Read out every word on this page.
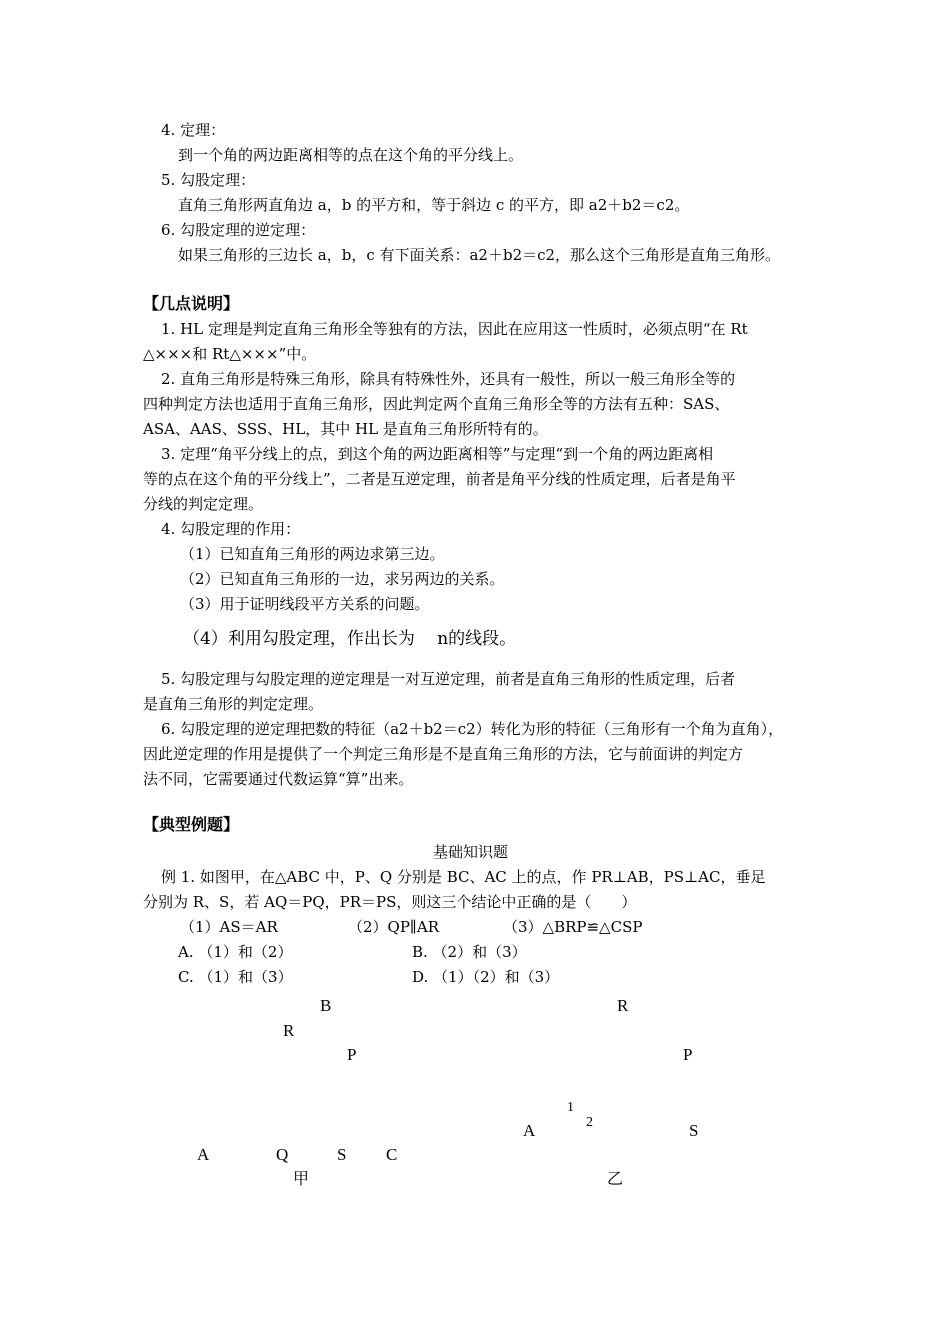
4. 定理：
到一个角的两边距离相等的点在这个角的平分线上。
5. 勾股定理：
直角三角形两直角边 a，b 的平方和，等于斜边 c 的平方，即 a2＋b2＝c2。
6. 勾股定理的逆定理：
如果三角形的三边长 a，b，c 有下面关系：a2＋b2＝c2，那么这个三角形是直角三角形。
【几点说明】
1. HL 定理是判定直角三角形全等独有的方法，因此在应用这一性质时，必须点明“在 Rt
△×××和 Rt△×××”中。
2. 直角三角形是特殊三角形，除具有特殊性外，还具有一般性，所以一般三角形全等的
四种判定方法也适用于直角三角形，因此判定两个直角三角形全等的方法有五种：SAS、
ASA、AAS、SSS、HL，其中 HL 是直角三角形所特有的。
3. 定理“角平分线上的点，到这个角的两边距离相等”与定理“到一个角的两边距离相
等的点在这个角的平分线上”，二者是互逆定理，前者是角平分线的性质定理，后者是角平
分线的判定定理。
4. 勾股定理的作用：
（1）已知直角三角形的两边求第三边。
（2）已知直角三角形的一边，求另两边的关系。
（3）用于证明线段平方关系的问题。
（4）利用勾股定理，作出长为　 n的线段。
5. 勾股定理与勾股定理的逆定理是一对互逆定理，前者是直角三角形的性质定理，后者
是直角三角形的判定定理。
6. 勾股定理的逆定理把数的特征（a2＋b2＝c2）转化为形的特征（三角形有一个角为直角），
因此逆定理的作用是提供了一个判定三角形是不是直角三角形的方法，它与前面讲的判定方
法不同，它需要通过代数运算“算”出来。
【典型例题】
基础知识题
例 1. 如图甲，在△ABC 中，P、Q 分别是 BC、AC 上的点，作 PR⊥AB，PS⊥AC，垂足
分别为 R、S，若 AQ＝PQ，PR＝PS，则这三个结论中正确的是（　　）
（1）AS＝AR	（2）QP∥AR	（3）△BRP≌△CSP
A. （1）和（2）	B. （2）和（3）
C. （1）和（3）	D. （1）（2）和（3）
B
R
P
A	Q	S C
甲
R
P
1
2
A	S
乙
